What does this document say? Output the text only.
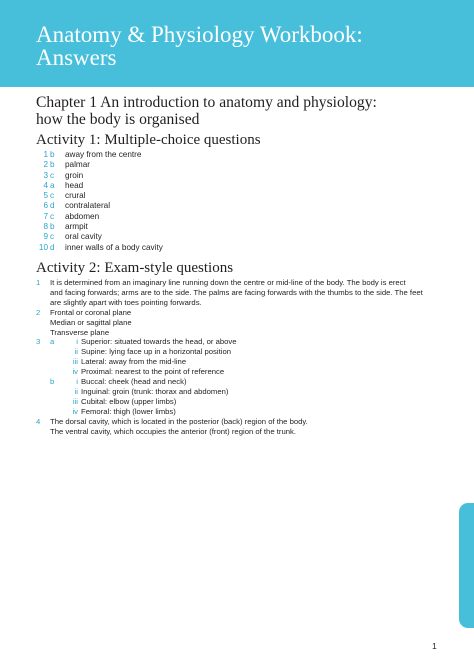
Anatomy & Physiology Workbook:
Answers
Chapter 1 An introduction to anatomy and physiology:
how the body is organised
Activity 1: Multiple-choice questions
1 b away from the centre
2 b palmar
3 c groin
4 a head
5 c crural
6 d contralateral
7 c abdomen
8 b armpit
9 c oral cavity
10 d inner walls of a body cavity
Activity 2: Exam-style questions
1 It is determined from an imaginary line running down the centre or mid-line of the body. The body is erect
and facing forwards; arms are to the side. The palms are facing forwards with the thumbs to the side. The feet
are slightly apart with toes pointing forwards.
2 Frontal or coronal plane
Median or sagittal plane
Transverse plane
3 a	i Superior: situated towards the head, or above
ii Supine: lying face up in a horizontal position
iii Lateral: away from the mid-line
iv Proximal: nearest to the point of reference
b	i Buccal: cheek (head and neck)
ii Inguinal: groin (trunk: thorax and abdomen)
iii Cubital: elbow (upper limbs)
iv Femoral: thigh (lower limbs)
4 The dorsal cavity, which is located in the posterior (back) region of the body.
The ventral cavity, which occupies the anterior (front) region of the trunk.
1
